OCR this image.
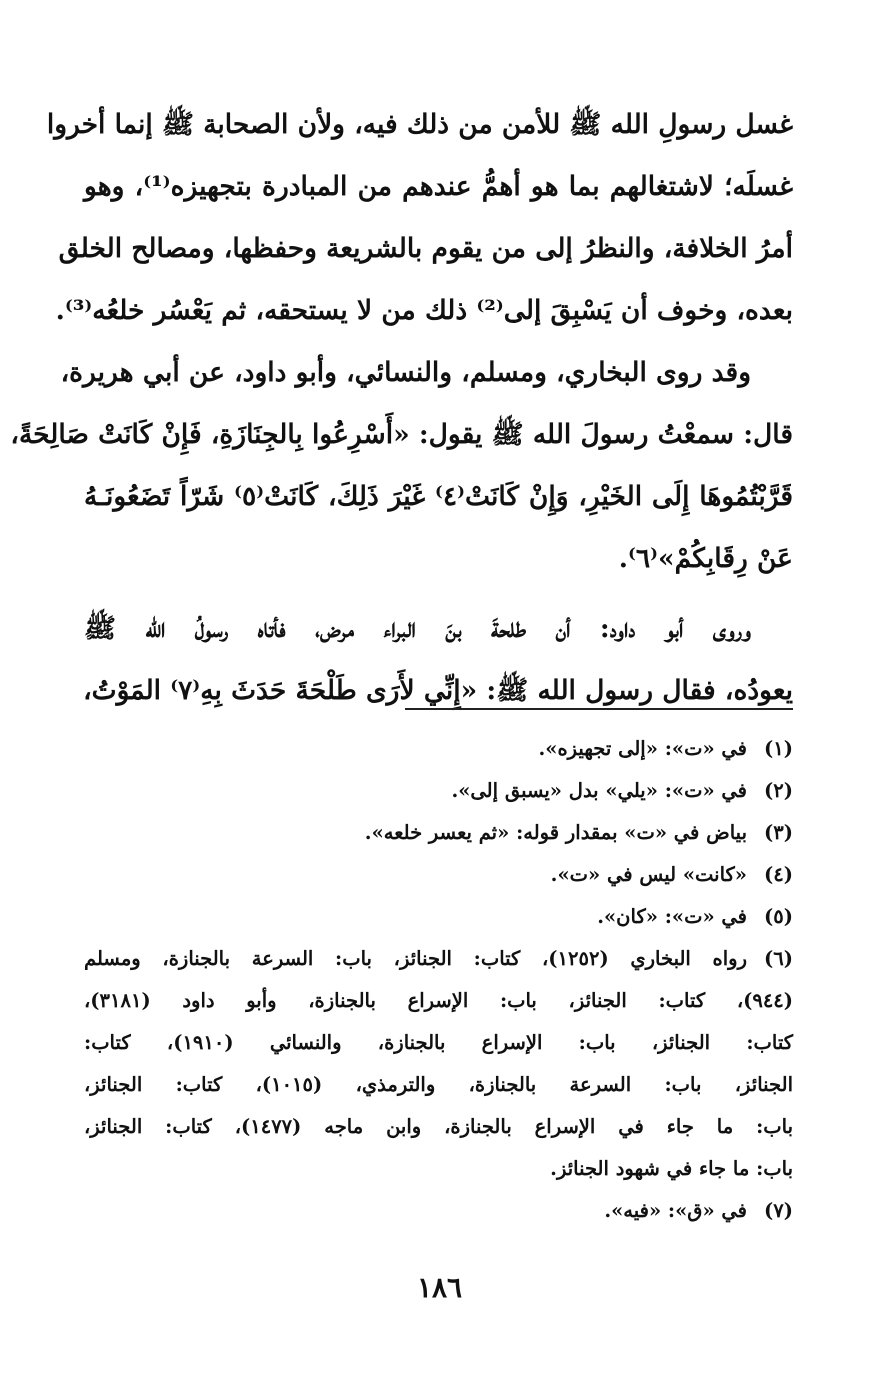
غسل رسولِ الله ﷺ للأمن من ذلك فيه، ولأن الصحابة ﷺ إنما أخروا
غسلَه؛ لاشتغالهم بما هو أهمُّ عندهم من المبادرة بتجهيزه⁽¹⁾، وهو
أمرُ الخلافة، والنظرُ إلى من يقوم بالشريعة وحفظها، ومصالح الخلق
بعده، وخوف أن يَسْبِقَ إلى⁽²⁾ ذلك من لا يستحقه، ثم يَعْسُر خلعُه⁽³⁾.
وقد روى البخاري، ومسلم، والنسائي، وأبو داود، عن أبي هريرة،
قال: سمعْتُ رسولَ الله ﷺ يقول: «أَسْرِعُوا بِالجِنَازَةِ، فَإِنْ كَانَتْ صَالِحَةً،
قَرَّبْتُمُوهَا إِلَى الخَيْرِ، وَإِنْ كَانَتْ⁽٤⁾ غَيْرَ ذَلِكَ، كَانَتْ⁽٥⁾ شَرّاً تَضَعُونَـهُ
عَنْ رِقَابِكُمْ»⁽٦⁾.
وروى أبو داود: أن طلحةَ بنَ البراء مرض، فأتاه رسولُ الله ﷺ
يعودُه، فقال رسول الله ﷺ: «إِنِّي لأَرَى طَلْحَةَ حَدَثَ بِهِ⁽٧⁾ المَوْتُ،
(١)
في «ت»: «إلى تجهيزه».
(٢)
في «ت»: «يلي» بدل «يسبق إلى».
(٣)
بياض في «ت» بمقدار قوله: «ثم يعسر خلعه».
(٤)
«كانت» ليس في «ت».
(٥)
في «ت»: «كان».
(٦)
رواه البخاري (١٢٥٢)، كتاب: الجنائز، باب: السرعة بالجنازة، ومسلم
(٩٤٤)، كتاب: الجنائز، باب: الإسراع بالجنازة، وأبو داود (٣١٨١)،
كتاب: الجنائز، باب: الإسراع بالجنازة، والنسائي (١٩١٠)، كتاب:
الجنائز، باب: السرعة بالجنازة، والترمذي، (١٠١٥)، كتاب: الجنائز،
باب: ما جاء في الإسراع بالجنازة، وابن ماجه (١٤٧٧)، كتاب: الجنائز،
باب: ما جاء في شهود الجنائز.
(٧)
في «ق»: «فيه».
١٨٦
